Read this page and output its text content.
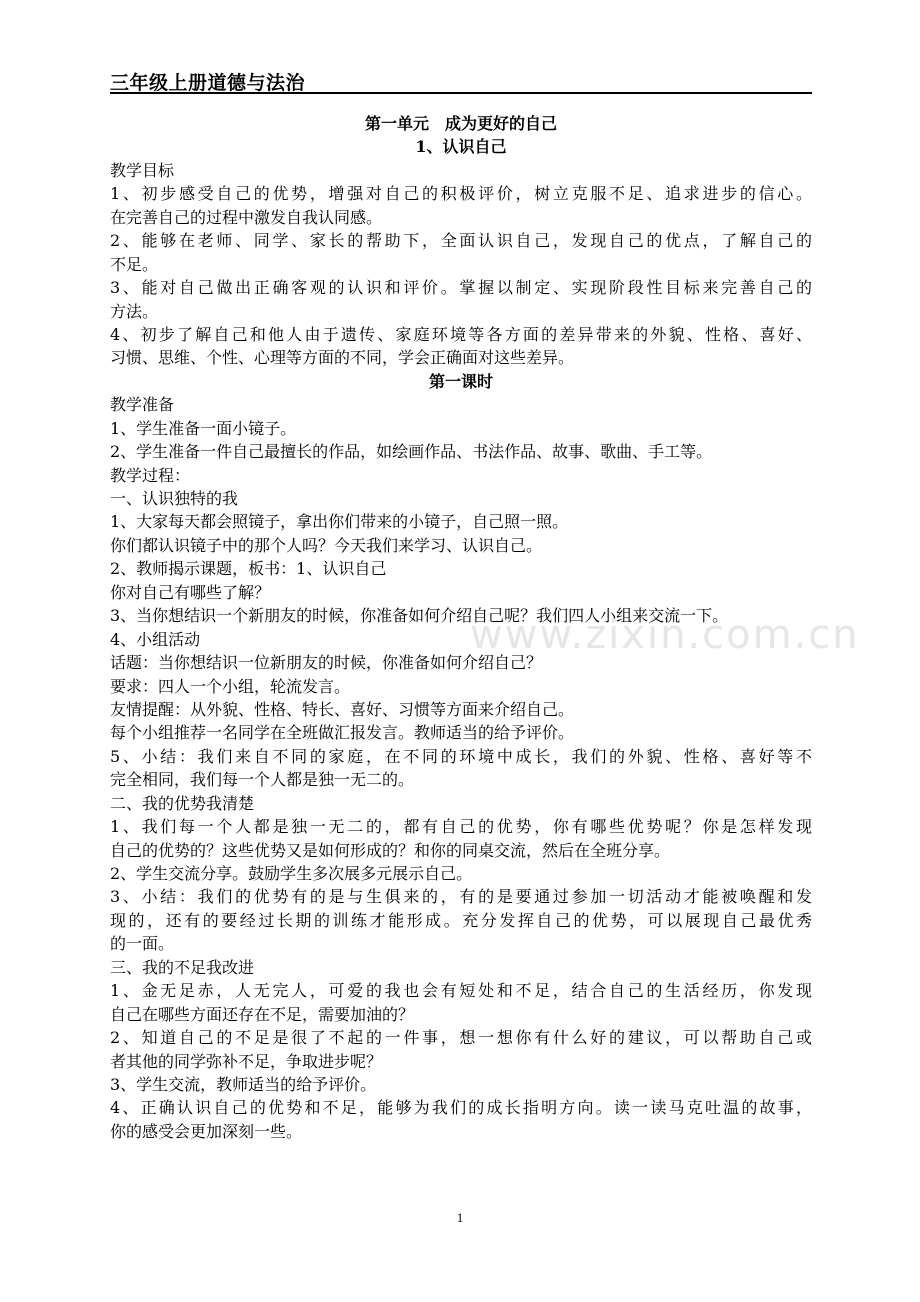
三年级上册道德与法治
www.zixin.com.cn
第一单元　成为更好的自己
1、认识自己
教学目标
1、初步感受自己的优势，增强对自己的积极评价，树立克服不足、追求进步的信心。
在完善自己的过程中激发自我认同感。
2、能够在老师、同学、家长的帮助下，全面认识自己，发现自己的优点，了解自己的
不足。
3、能对自己做出正确客观的认识和评价。掌握以制定、实现阶段性目标来完善自己的
方法。
4、初步了解自己和他人由于遗传、家庭环境等各方面的差异带来的外貌、性格、喜好、
习惯、思维、个性、心理等方面的不同，学会正确面对这些差异。
第一课时
教学准备
1、学生准备一面小镜子。
2、学生准备一件自己最擅长的作品，如绘画作品、书法作品、故事、歌曲、手工等。
教学过程：
一、认识独特的我
1、大家每天都会照镜子，拿出你们带来的小镜子，自己照一照。
你们都认识镜子中的那个人吗？今天我们来学习、认识自己。
2、教师揭示课题，板书：1、认识自己
你对自己有哪些了解？
3、当你想结识一个新朋友的时候，你准备如何介绍自己呢？我们四人小组来交流一下。
4、小组活动
话题：当你想结识一位新朋友的时候，你准备如何介绍自己？
要求：四人一个小组，轮流发言。
友情提醒：从外貌、性格、特长、喜好、习惯等方面来介绍自己。
每个小组推荐一名同学在全班做汇报发言。教师适当的给予评价。
5、小结：我们来自不同的家庭，在不同的环境中成长，我们的外貌、性格、喜好等不
完全相同，我们每一个人都是独一无二的。
二、我的优势我清楚
1、我们每一个人都是独一无二的，都有自己的优势，你有哪些优势呢？你是怎样发现
自己的优势的？这些优势又是如何形成的？和你的同桌交流，然后在全班分享。
2、学生交流分享。鼓励学生多次展多元展示自己。
3、小结：我们的优势有的是与生俱来的，有的是要通过参加一切活动才能被唤醒和发
现的，还有的要经过长期的训练才能形成。充分发挥自己的优势，可以展现自己最优秀
的一面。
三、我的不足我改进
1、金无足赤，人无完人，可爱的我也会有短处和不足，结合自己的生活经历，你发现
自己在哪些方面还存在不足，需要加油的？
2、知道自己的不足是很了不起的一件事，想一想你有什么好的建议，可以帮助自己或
者其他的同学弥补不足，争取进步呢？
3、学生交流，教师适当的给予评价。
4、正确认识自己的优势和不足，能够为我们的成长指明方向。读一读马克吐温的故事，
你的感受会更加深刻一些。
1
